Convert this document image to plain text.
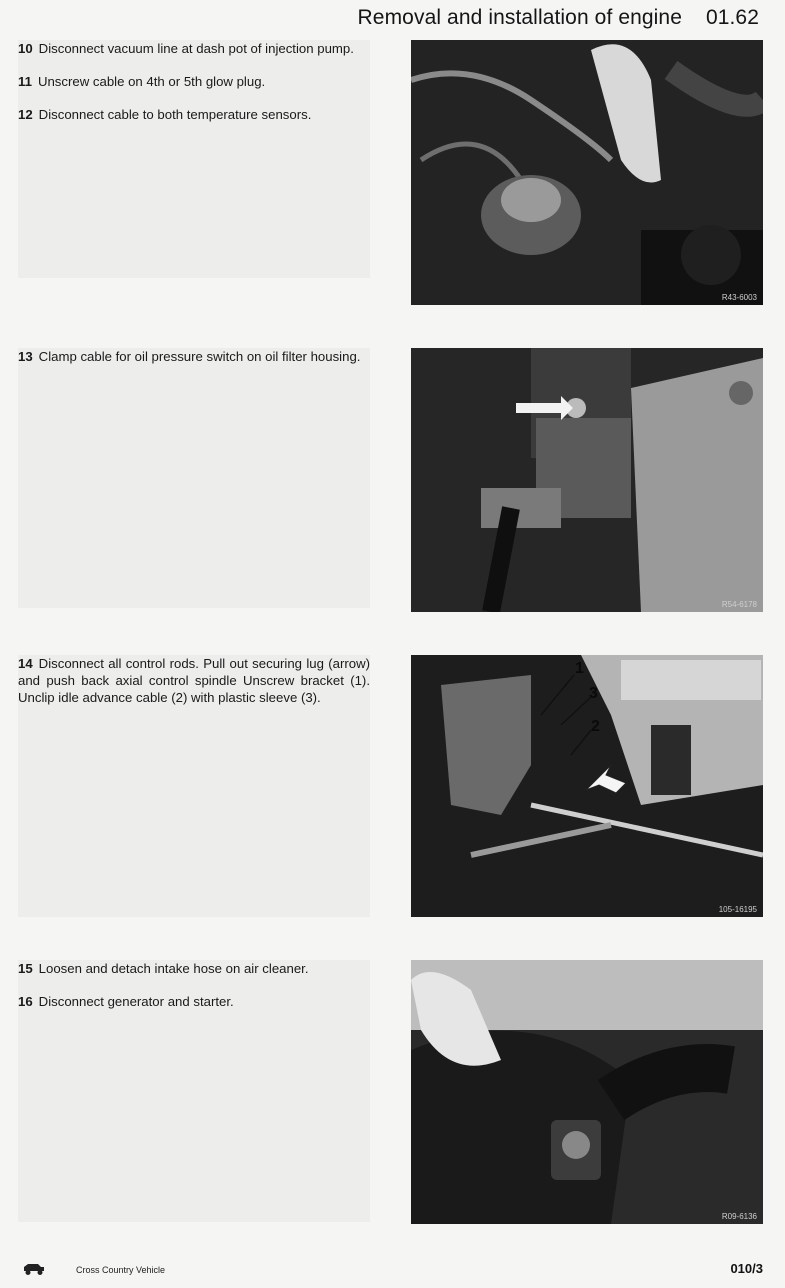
Removal and installation of engine 01.62

10 Disconnect vacuum line at dash pot of injection pump.

11 Unscrew cable on 4th or 5th glow plug.

12 Disconnect cable to both temperature sensors.

R43-6003

13 Clamp cable for oil pressure switch on oil filter housing.

R54-6178

14 Disconnect all control rods. Pull out securing lug (arrow) and push back axial control spindle Unscrew bracket (1). Unclip idle advance cable (2) with plastic sleeve (3).

1
3
2
105-16195

15 Loosen and detach intake hose on air cleaner.

16 Disconnect generator and starter.

R09-6136
Cross Country Vehicle	010/3
